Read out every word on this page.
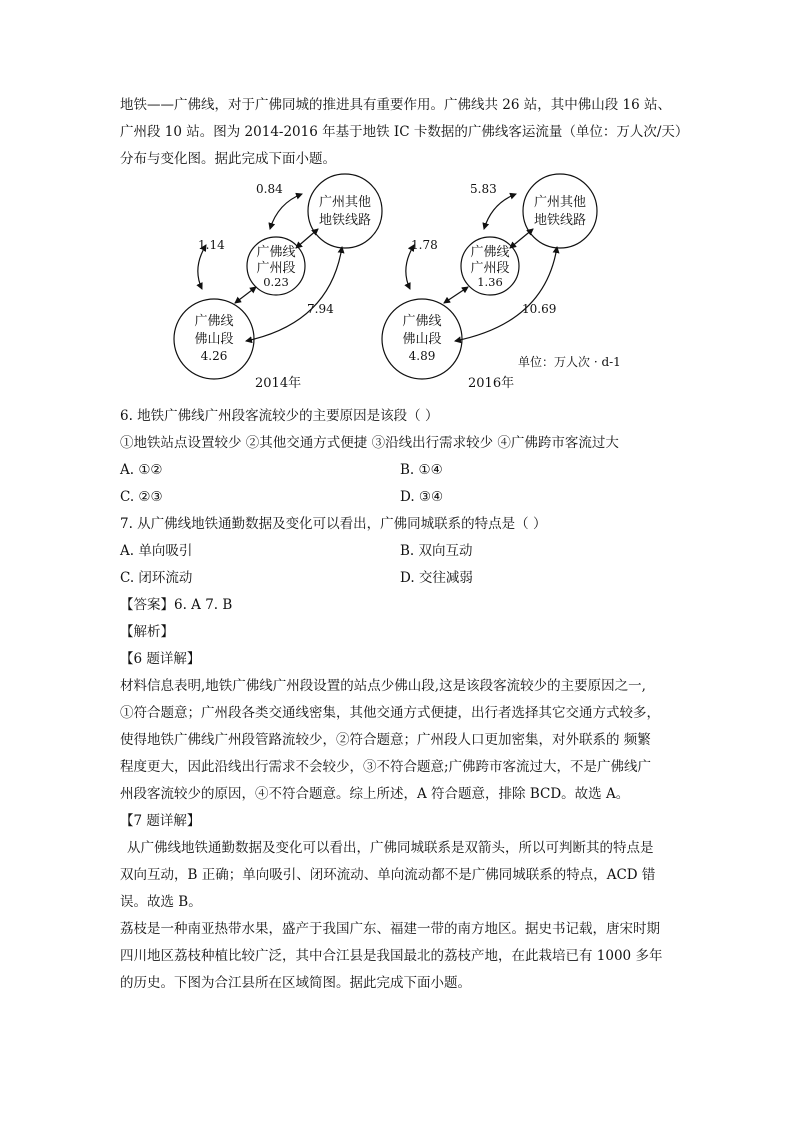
地铁——广佛线，对于广佛同城的推进具有重要作用。广佛线共 26 站，其中佛山段 16 站、
广州段 10 站。图为 2014-2016 年基于地铁 IC 卡数据的广佛线客运流量（单位：万人次/天）
分布与变化图。据此完成下面小题。
广州其他
地铁线路
广佛线
广州段
0.23
广佛线
佛山段
4.26
0.84
1.14
7.94
2014年
广州其他
地铁线路
广佛线
广州段
1.36
广佛线
佛山段
4.89
5.83
1.78
10.69
2016年
单位：万人次 · d-1
6. 地铁广佛线广州段客流较少的主要原因是该段（ ）
①地铁站点设置较少 ②其他交通方式便捷 ③沿线出行需求较少 ④广佛跨市客流过大
A. ①②	B. ①④
C. ②③	D. ③④
7. 从广佛线地铁通勤数据及变化可以看出，广佛同城联系的特点是（ ）
A. 单向吸引	B. 双向互动
C. 闭环流动	D. 交往减弱
【答案】6. A 7. B
【解析】
【6 题详解】
材料信息表明,地铁广佛线广州段设置的站点少佛山段,这是该段客流较少的主要原因之一,
①符合题意；广州段各类交通线密集，其他交通方式便捷，出行者选择其它交通方式较多，
使得地铁广佛线广州段管路流较少，②符合题意；广州段人口更加密集，对外联系的 频繁
程度更大，因此沿线出行需求不会较少，③不符合题意;广佛跨市客流过大，不是广佛线广
州段客流较少的原因，④不符合题意。综上所述，A 符合题意，排除 BCD。故选 A。
【7 题详解】
从广佛线地铁通勤数据及变化可以看出，广佛同城联系是双箭头，所以可判断其的特点是
双向互动，B 正确；单向吸引、闭环流动、单向流动都不是广佛同城联系的特点，ACD 错
误。故选 B。
荔枝是一种南亚热带水果，盛产于我国广东、福建一带的南方地区。据史书记载，唐宋时期
四川地区荔枝种植比较广泛，其中合江县是我国最北的荔枝产地，在此栽培已有 1000 多年
的历史。下图为合江县所在区域简图。据此完成下面小题。
